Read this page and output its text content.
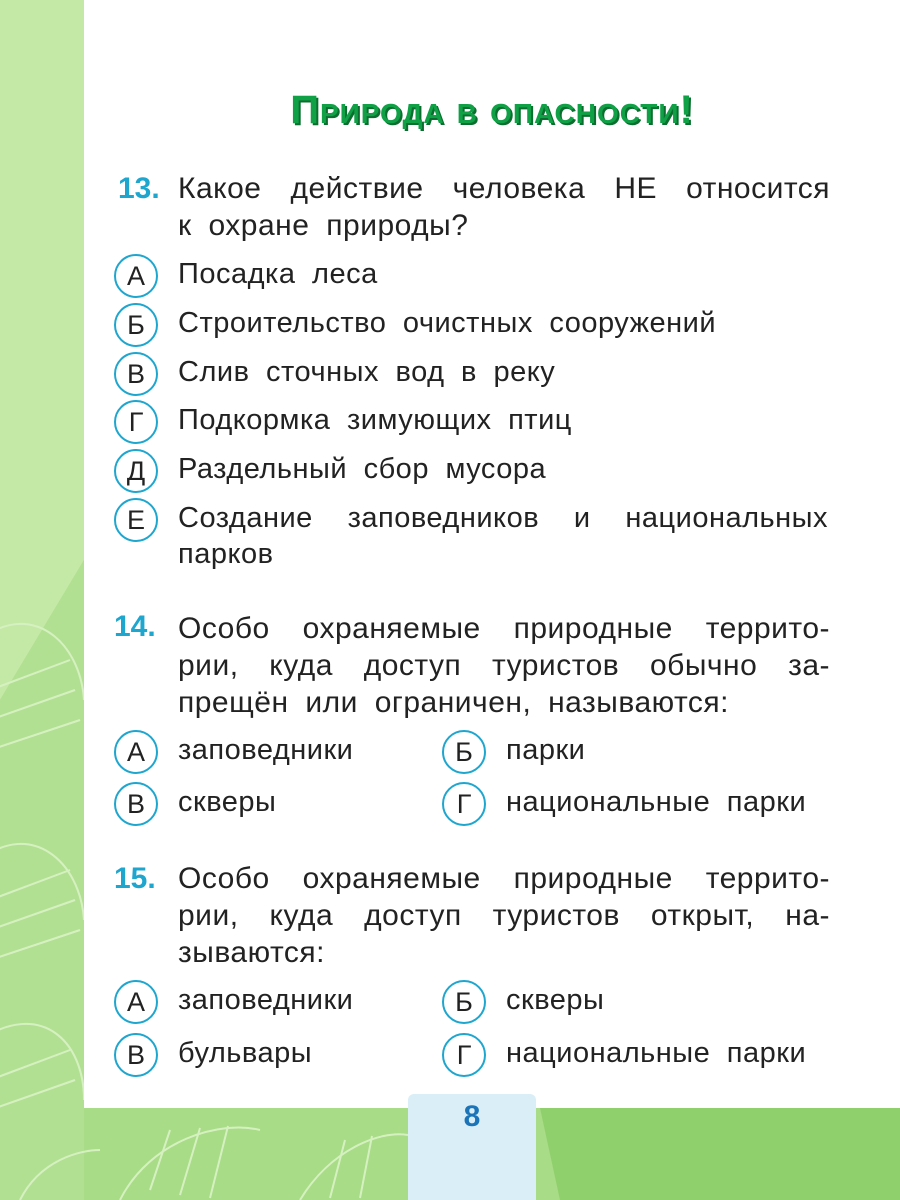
Природа в опасности!
13. Какое действие человека НЕ относится
к охране природы?
А	Посадка леса
Б	Строительство очистных сооружений
В	Слив сточных вод в реку
Г	Подкормка зимующих птиц
Д	Раздельный сбор мусора
Е	Создание заповедников и национальных парков
14. Особо охраняемые природные террито-
рии, куда доступ туристов обычно за-
прещён или ограничен, называются:
А	заповедники	Б	парки
В	скверы	Г	национальные парки
15. Особо охраняемые природные террито-
рии, куда доступ туристов открыт, на-
зываются:
А	заповедники	Б	скверы
В	бульвары	Г	национальные парки
8
